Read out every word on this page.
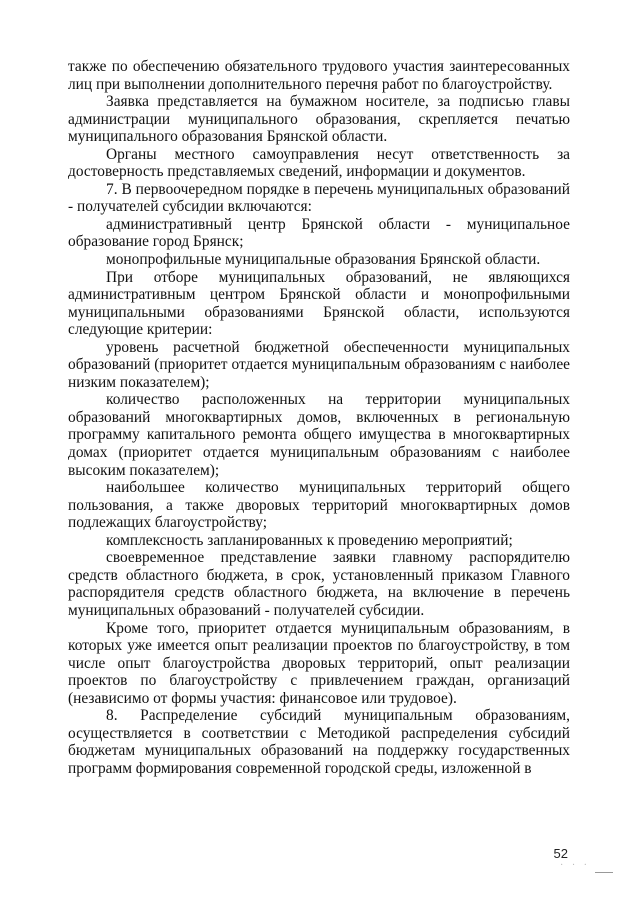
также по обеспечению обязательного трудового участия заинтересованных лиц при выполнении дополнительного перечня работ по благоустройству.

Заявка представляется на бумажном носителе, за подписью главы администрации муниципального образования, скрепляется печатью муниципального образования Брянской области.

Органы местного самоуправления несут ответственность за достоверность представляемых сведений, информации и документов.

7. В первоочередном порядке в перечень муниципальных образований - получателей субсидии включаются:

административный центр Брянской области - муниципальное образование город Брянск;

монопрофильные муниципальные образования Брянской области.

При отборе муниципальных образований, не являющихся административным центром Брянской области и монопрофильными муниципальными образованиями Брянской области, используются следующие критерии:

уровень расчетной бюджетной обеспеченности муниципальных образований (приоритет отдается муниципальным образованиям с наиболее низким показателем);

количество расположенных на территории муниципальных образований многоквартирных домов, включенных в региональную программу капитального ремонта общего имущества в многоквартирных домах (приоритет отдается муниципальным образованиям с наиболее высоким показателем);

наибольшее количество муниципальных территорий общего пользования, а также дворовых территорий многоквартирных домов подлежащих благоустройству;

комплексность запланированных к проведению мероприятий;

своевременное представление заявки главному распорядителю средств областного бюджета, в срок, установленный приказом Главного распорядителя средств областного бюджета, на включение в перечень муниципальных образований - получателей субсидии.

Кроме того, приоритет отдается муниципальным образованиям, в которых уже имеется опыт реализации проектов по благоустройству, в том числе опыт благоустройства дворовых территорий, опыт реализации проектов по благоустройству с привлечением граждан, организаций (независимо от формы участия: финансовое или трудовое).

8. Распределение субсидий муниципальным образованиям, осуществляется в соответствии с Методикой распределения субсидий бюджетам муниципальных образований на поддержку государственных программ формирования современной городской среды, изложенной в

52
· · ·
